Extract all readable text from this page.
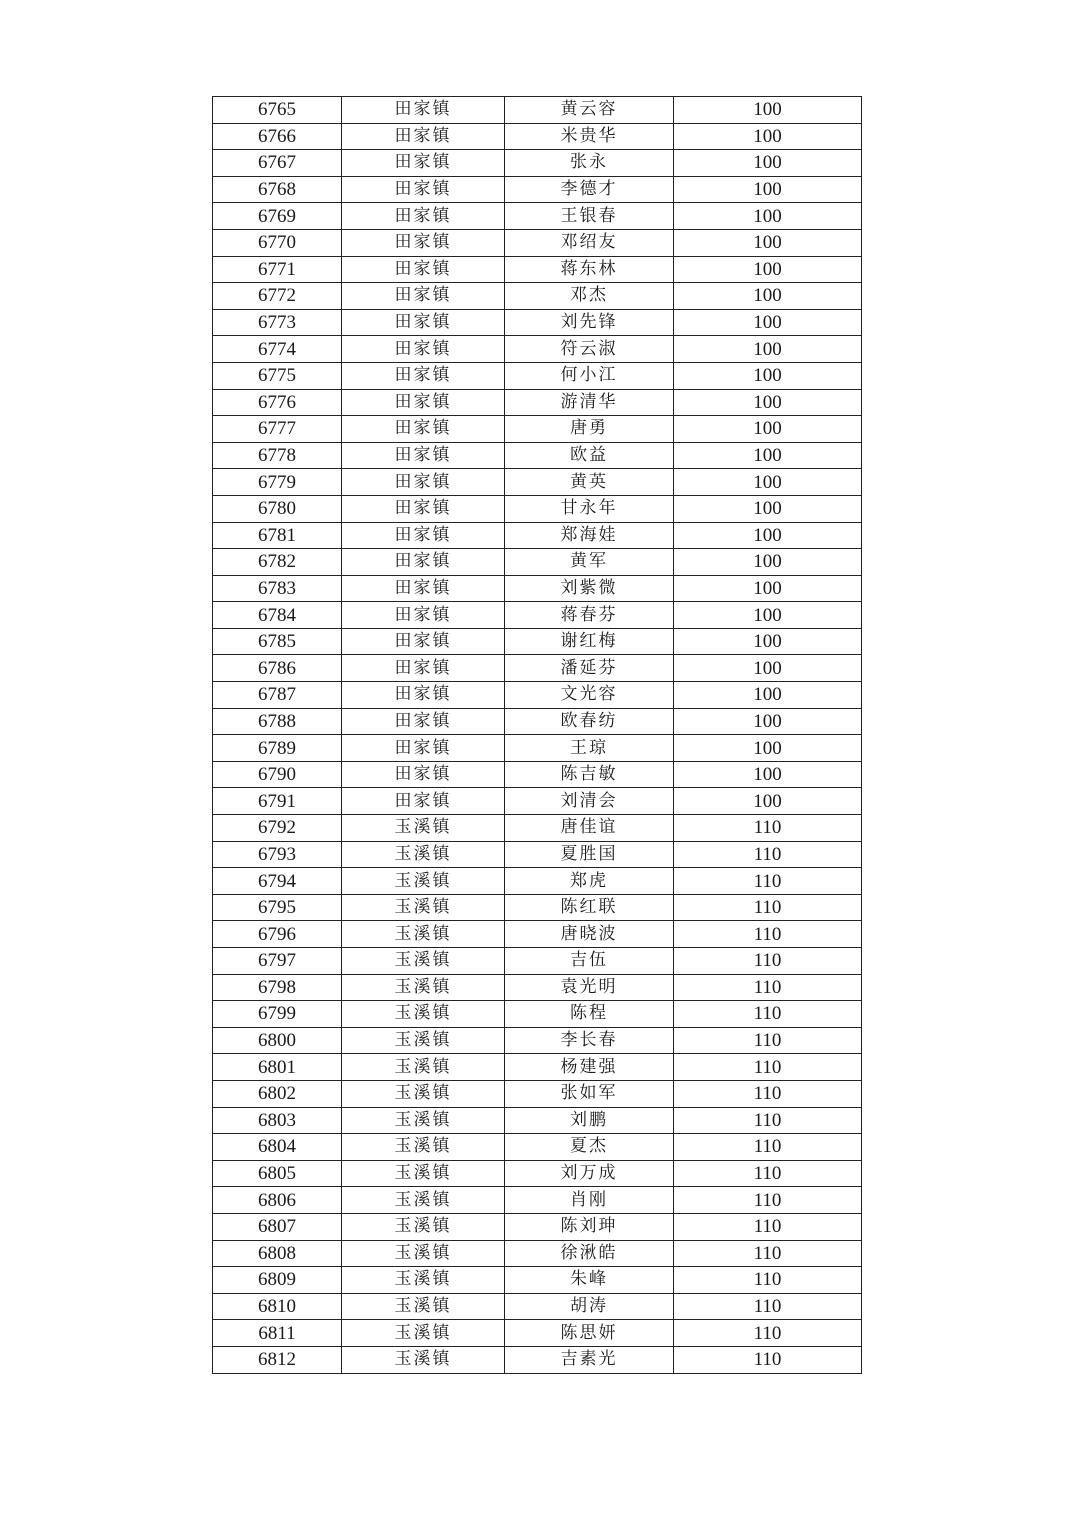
6765	田家镇	黄云容	100
6766	田家镇	米贵华	100
6767	田家镇	张永	100
6768	田家镇	李德才	100
6769	田家镇	王银春	100
6770	田家镇	邓绍友	100
6771	田家镇	蒋东林	100
6772	田家镇	邓杰	100
6773	田家镇	刘先锋	100
6774	田家镇	符云淑	100
6775	田家镇	何小江	100
6776	田家镇	游清华	100
6777	田家镇	唐勇	100
6778	田家镇	欧益	100
6779	田家镇	黄英	100
6780	田家镇	甘永年	100
6781	田家镇	郑海娃	100
6782	田家镇	黄军	100
6783	田家镇	刘紫微	100
6784	田家镇	蒋春芬	100
6785	田家镇	谢红梅	100
6786	田家镇	潘延芬	100
6787	田家镇	文光容	100
6788	田家镇	欧春纺	100
6789	田家镇	王琼	100
6790	田家镇	陈吉敏	100
6791	田家镇	刘清会	100
6792	玉溪镇	唐佳谊	110
6793	玉溪镇	夏胜国	110
6794	玉溪镇	郑虎	110
6795	玉溪镇	陈红联	110
6796	玉溪镇	唐晓波	110
6797	玉溪镇	吉伍	110
6798	玉溪镇	袁光明	110
6799	玉溪镇	陈程	110
6800	玉溪镇	李长春	110
6801	玉溪镇	杨建强	110
6802	玉溪镇	张如军	110
6803	玉溪镇	刘鹏	110
6804	玉溪镇	夏杰	110
6805	玉溪镇	刘万成	110
6806	玉溪镇	肖刚	110
6807	玉溪镇	陈刘珅	110
6808	玉溪镇	徐湫皓	110
6809	玉溪镇	朱峰	110
6810	玉溪镇	胡涛	110
6811	玉溪镇	陈思妍	110
6812	玉溪镇	吉素光	110
